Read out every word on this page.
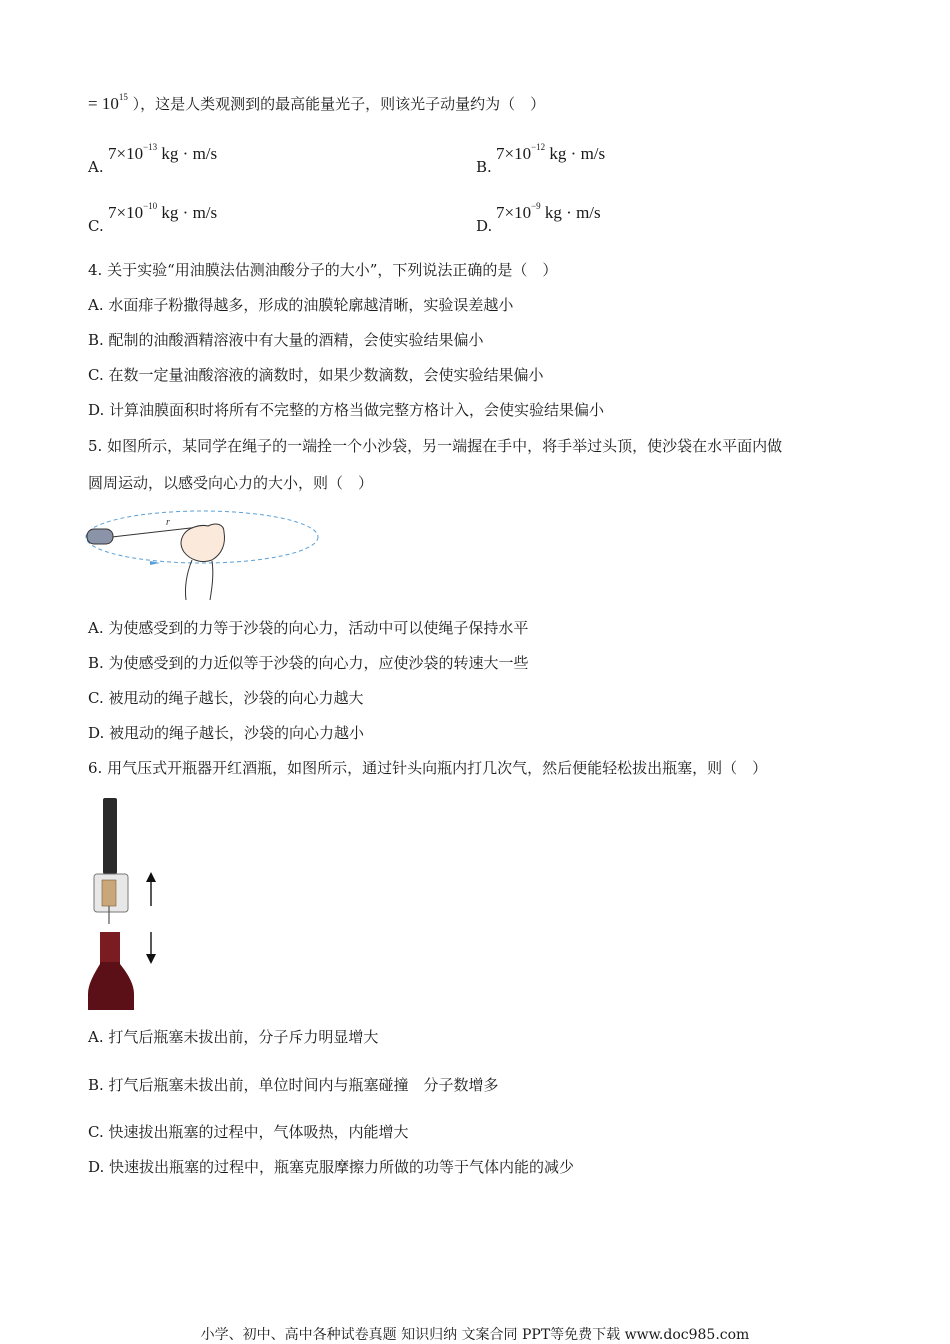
= $10^{15}$ ），这是人类观测到的最高能量光子，则该光子动量约为（　）
A.
$7\times 10^{-13}$ kg · m/s
B.
$7\times 10^{-12}$ kg · m/s
C.
$7\times 10^{-10}$ kg · m/s
D.
$7\times 10^{-9}$ kg · m/s
4. 关于实验“用油膜法估测油酸分子的大小”，下列说法正确的是（　）
A. 水面痱子粉撒得越多，形成的油膜轮廓越清晰，实验误差越小
B. 配制的油酸酒精溶液中有大量的酒精，会使实验结果偏小
C. 在数一定量油酸溶液的滴数时，如果少数滴数，会使实验结果偏小
D. 计算油膜面积时将所有不完整的方格当做完整方格计入，会使实验结果偏小
5. 如图所示，某同学在绳子的一端拴一个小沙袋，另一端握在手中，将手举过头顶，使沙袋在水平面内做
圆周运动，以感受向心力的大小，则（　）
r
A. 为使感受到的力等于沙袋的向心力，活动中可以使绳子保持水平
B. 为使感受到的力近似等于沙袋的向心力，应使沙袋的转速大一些
C. 被甩动的绳子越长，沙袋的向心力越大
D. 被甩动的绳子越长，沙袋的向心力越小
6. 用气压式开瓶器开红酒瓶，如图所示，通过针头向瓶内打几次气，然后便能轻松拔出瓶塞，则（　）
A. 打气后瓶塞未拔出前，分子斥力明显增大
B. 打气后瓶塞未拔出前，单位时间内与瓶塞碰撞　分子数增多
C. 快速拔出瓶塞的过程中，气体吸热，内能增大
D. 快速拔出瓶塞的过程中，瓶塞克服摩擦力所做的功等于气体内能的减少
小学、初中、高中各种试卷真题 知识归纳 文案合同 PPT等免费下载 www.doc985.com
